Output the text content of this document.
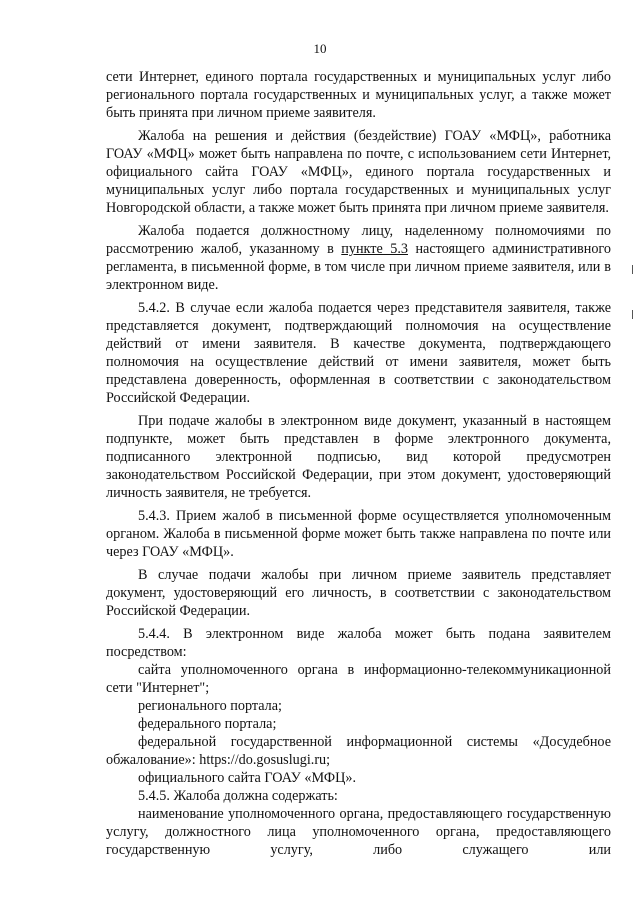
10

сети Интернет, единого портала государственных и муниципальных услуг либо регионального портала государственных и муниципальных услуг, а также может быть принята при личном приеме заявителя.

Жалоба на решения и действия (бездействие) ГОАУ «МФЦ», работника ГОАУ «МФЦ» может быть направлена по почте, с использованием сети Интернет, официального сайта ГОАУ «МФЦ», единого портала государственных и муниципальных услуг либо портала государственных и муниципальных услуг Новгородской области, а также может быть принята при личном приеме заявителя.

Жалоба подается должностному лицу, наделенному полномочиями по рассмотрению жалоб, указанному в пункте 5.3 настоящего административного регламента, в письменной форме, в том числе при личном приеме заявителя, или в электронном виде.

5.4.2. В случае если жалоба подается через представителя заявителя, также представляется документ, подтверждающий полномочия на осуществление действий от имени заявителя. В качестве документа, подтверждающего полномочия на осуществление действий от имени заявителя, может быть представлена доверенность, оформленная в соответствии с законодательством Российской Федерации.

При подаче жалобы в электронном виде документ, указанный в настоящем подпункте, может быть представлен в форме электронного документа, подписанного электронной подписью, вид которой предусмотрен законодательством Российской Федерации, при этом документ, удостоверяющий личность заявителя, не требуется.

5.4.3. Прием жалоб в письменной форме осуществляется уполномоченным органом. Жалоба в письменной форме может быть также направлена по почте или через ГОАУ «МФЦ».

В случае подачи жалобы при личном приеме заявитель представляет документ, удостоверяющий его личность, в соответствии с законодательством Российской Федерации.

5.4.4. В электронном виде жалоба может быть подана заявителем посредством:

сайта уполномоченного органа в информационно-телекоммуникационной сети "Интернет";

регионального портала;

федерального портала;

федеральной государственной информационной системы «Досудебное обжалование»: https://do.gosuslugi.ru;

официального сайта ГОАУ «МФЦ».

5.4.5. Жалоба должна содержать:

наименование уполномоченного органа, предоставляющего государственную услугу, должностного лица уполномоченного органа, предоставляющего государственную услугу, либо служащего или
